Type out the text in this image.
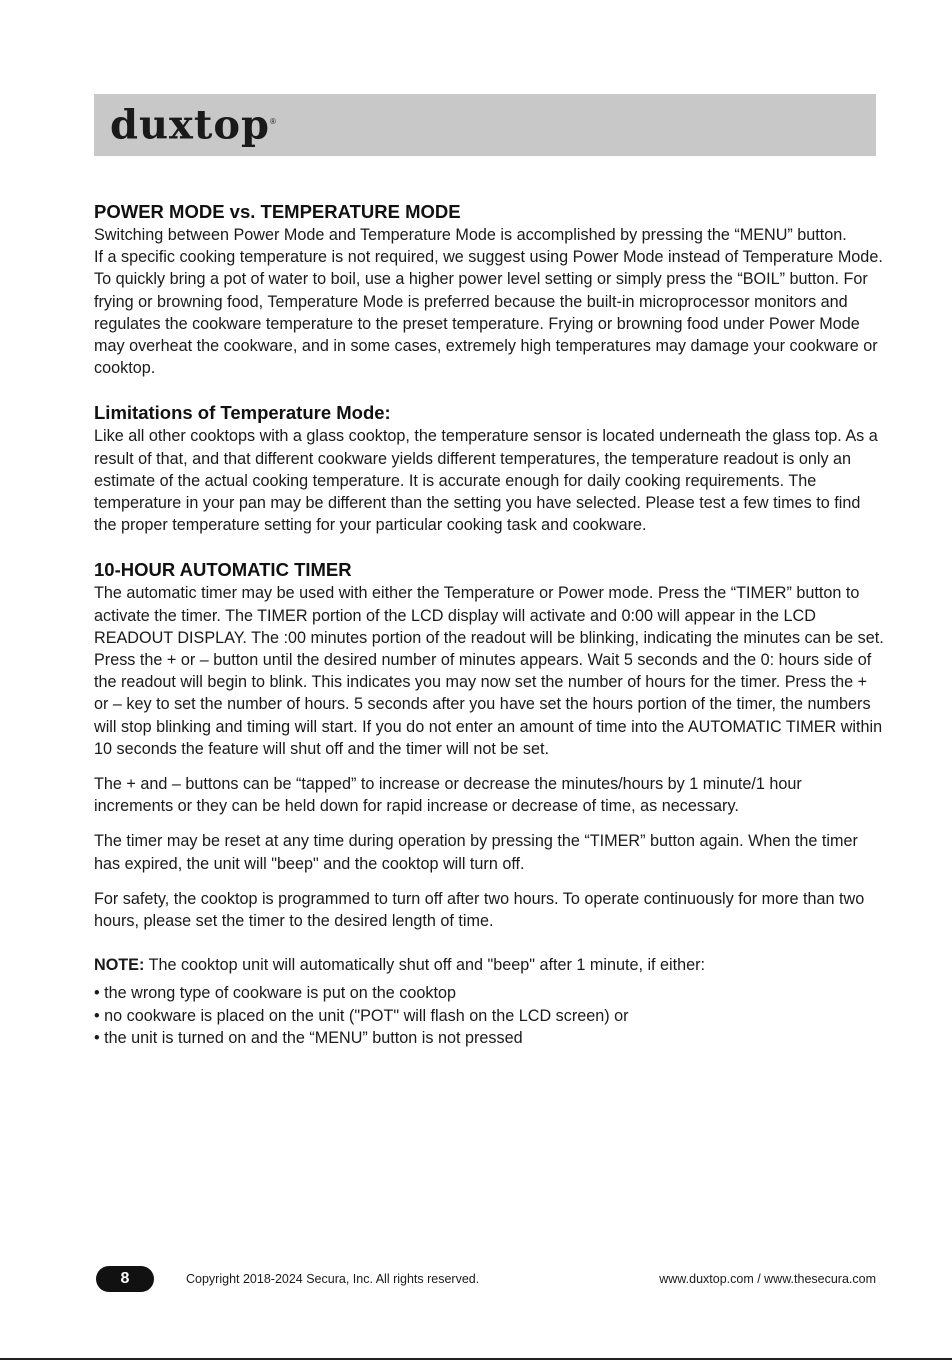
duxtop®
POWER MODE vs. TEMPERATURE MODE

Switching between Power Mode and Temperature Mode is accomplished by pressing the “MENU” button.

If a specific cooking temperature is not required, we suggest using Power Mode instead of Temperature Mode. To quickly bring a pot of water to boil, use a higher power level setting or simply press the “BOIL” button. For frying or browning food, Temperature Mode is preferred because the built-in microprocessor monitors and regulates the cookware temperature to the preset temperature. Frying or browning food under Power Mode may overheat the cookware, and in some cases, extremely high temperatures may damage your cookware or cooktop.

Limitations of Temperature Mode:

Like all other cooktops with a glass cooktop, the temperature sensor is located underneath the glass top. As a result of that, and that different cookware yields different temperatures, the temperature readout is only an estimate of the actual cooking temperature. It is accurate enough for daily cooking requirements. The temperature in your pan may be different than the setting you have selected. Please test a few times to find the proper temperature setting for your particular cooking task and cookware.

10-HOUR AUTOMATIC TIMER

The automatic timer may be used with either the Temperature or Power mode. Press the “TIMER” button to activate the timer. The TIMER portion of the LCD display will activate and 0:00 will appear in the LCD READOUT DISPLAY. The :00 minutes portion of the readout will be blinking, indicating the minutes can be set. Press the + or – button until the desired number of minutes appears. Wait 5 seconds and the 0: hours side of the readout will begin to blink. This indicates you may now set the number of hours for the timer. Press the + or – key to set the number of hours. 5 seconds after you have set the hours portion of the timer, the numbers will stop blinking and timing will start. If you do not enter an amount of time into the AUTOMATIC TIMER within 10 seconds the feature will shut off and the timer will not be set.

The + and – buttons can be “tapped” to increase or decrease the minutes/hours by 1 minute/1 hour increments or they can be held down for rapid increase or decrease of time, as necessary.

The timer may be reset at any time during operation by pressing the “TIMER” button again. When the timer has expired, the unit will "beep" and the cooktop will turn off.

For safety, the cooktop is programmed to turn off after two hours. To operate continuously for more than two hours, please set the timer to the desired length of time.

NOTE: The cooktop unit will automatically shut off and "beep" after 1 minute, if either:

• the wrong type of cookware is put on the cooktop
• no cookware is placed on the unit ("POT" will flash on the LCD screen) or
• the unit is turned on and the “MENU” button is not pressed
8	Copyright 2018-2024 Secura, Inc. All rights reserved.	www.duxtop.com / www.thesecura.com
